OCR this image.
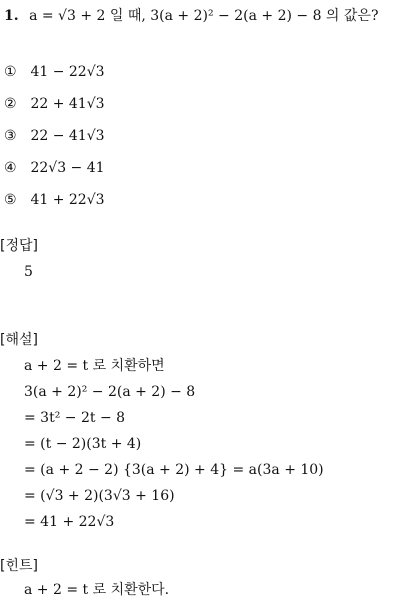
1. a = √3 + 2 일 때, 3(a + 2)² − 2(a + 2) − 8 의 값은?
① 41 − 22√3
② 22 + 41√3
③ 22 − 41√3
④ 22√3 − 41
⑤ 41 + 22√3
[정답]
5
[해설]
a + 2 = t 로 치환하면
3(a + 2)² − 2(a + 2) − 8
= 3t² − 2t − 8
= (t − 2)(3t + 4)
= (a + 2 − 2) {3(a + 2) + 4} = a(3a + 10)
= (√3 + 2)(3√3 + 16)
= 41 + 22√3
[힌트]
a + 2 = t 로 치환한다.
